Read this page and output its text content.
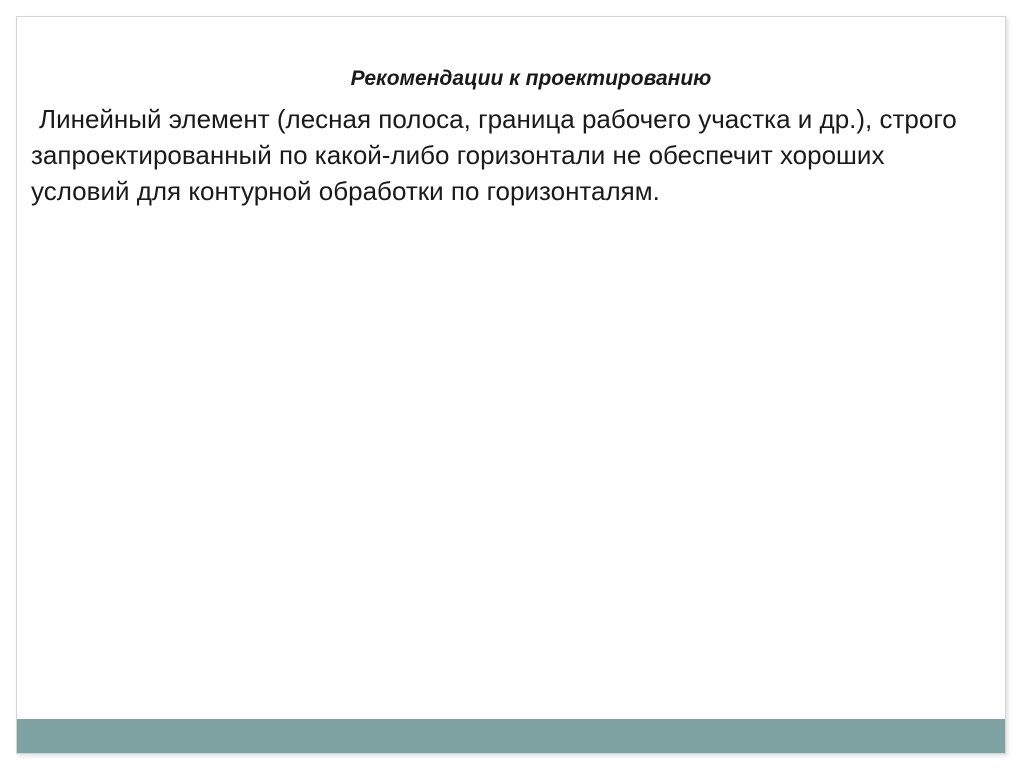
Рекомендации к проектированию

Линейный элемент (лесная полоса, граница рабочего участка и др.), строго запроектированный по какой-либо горизонтали не обеспечит хороших условий для контурной обработки по горизонталям.
